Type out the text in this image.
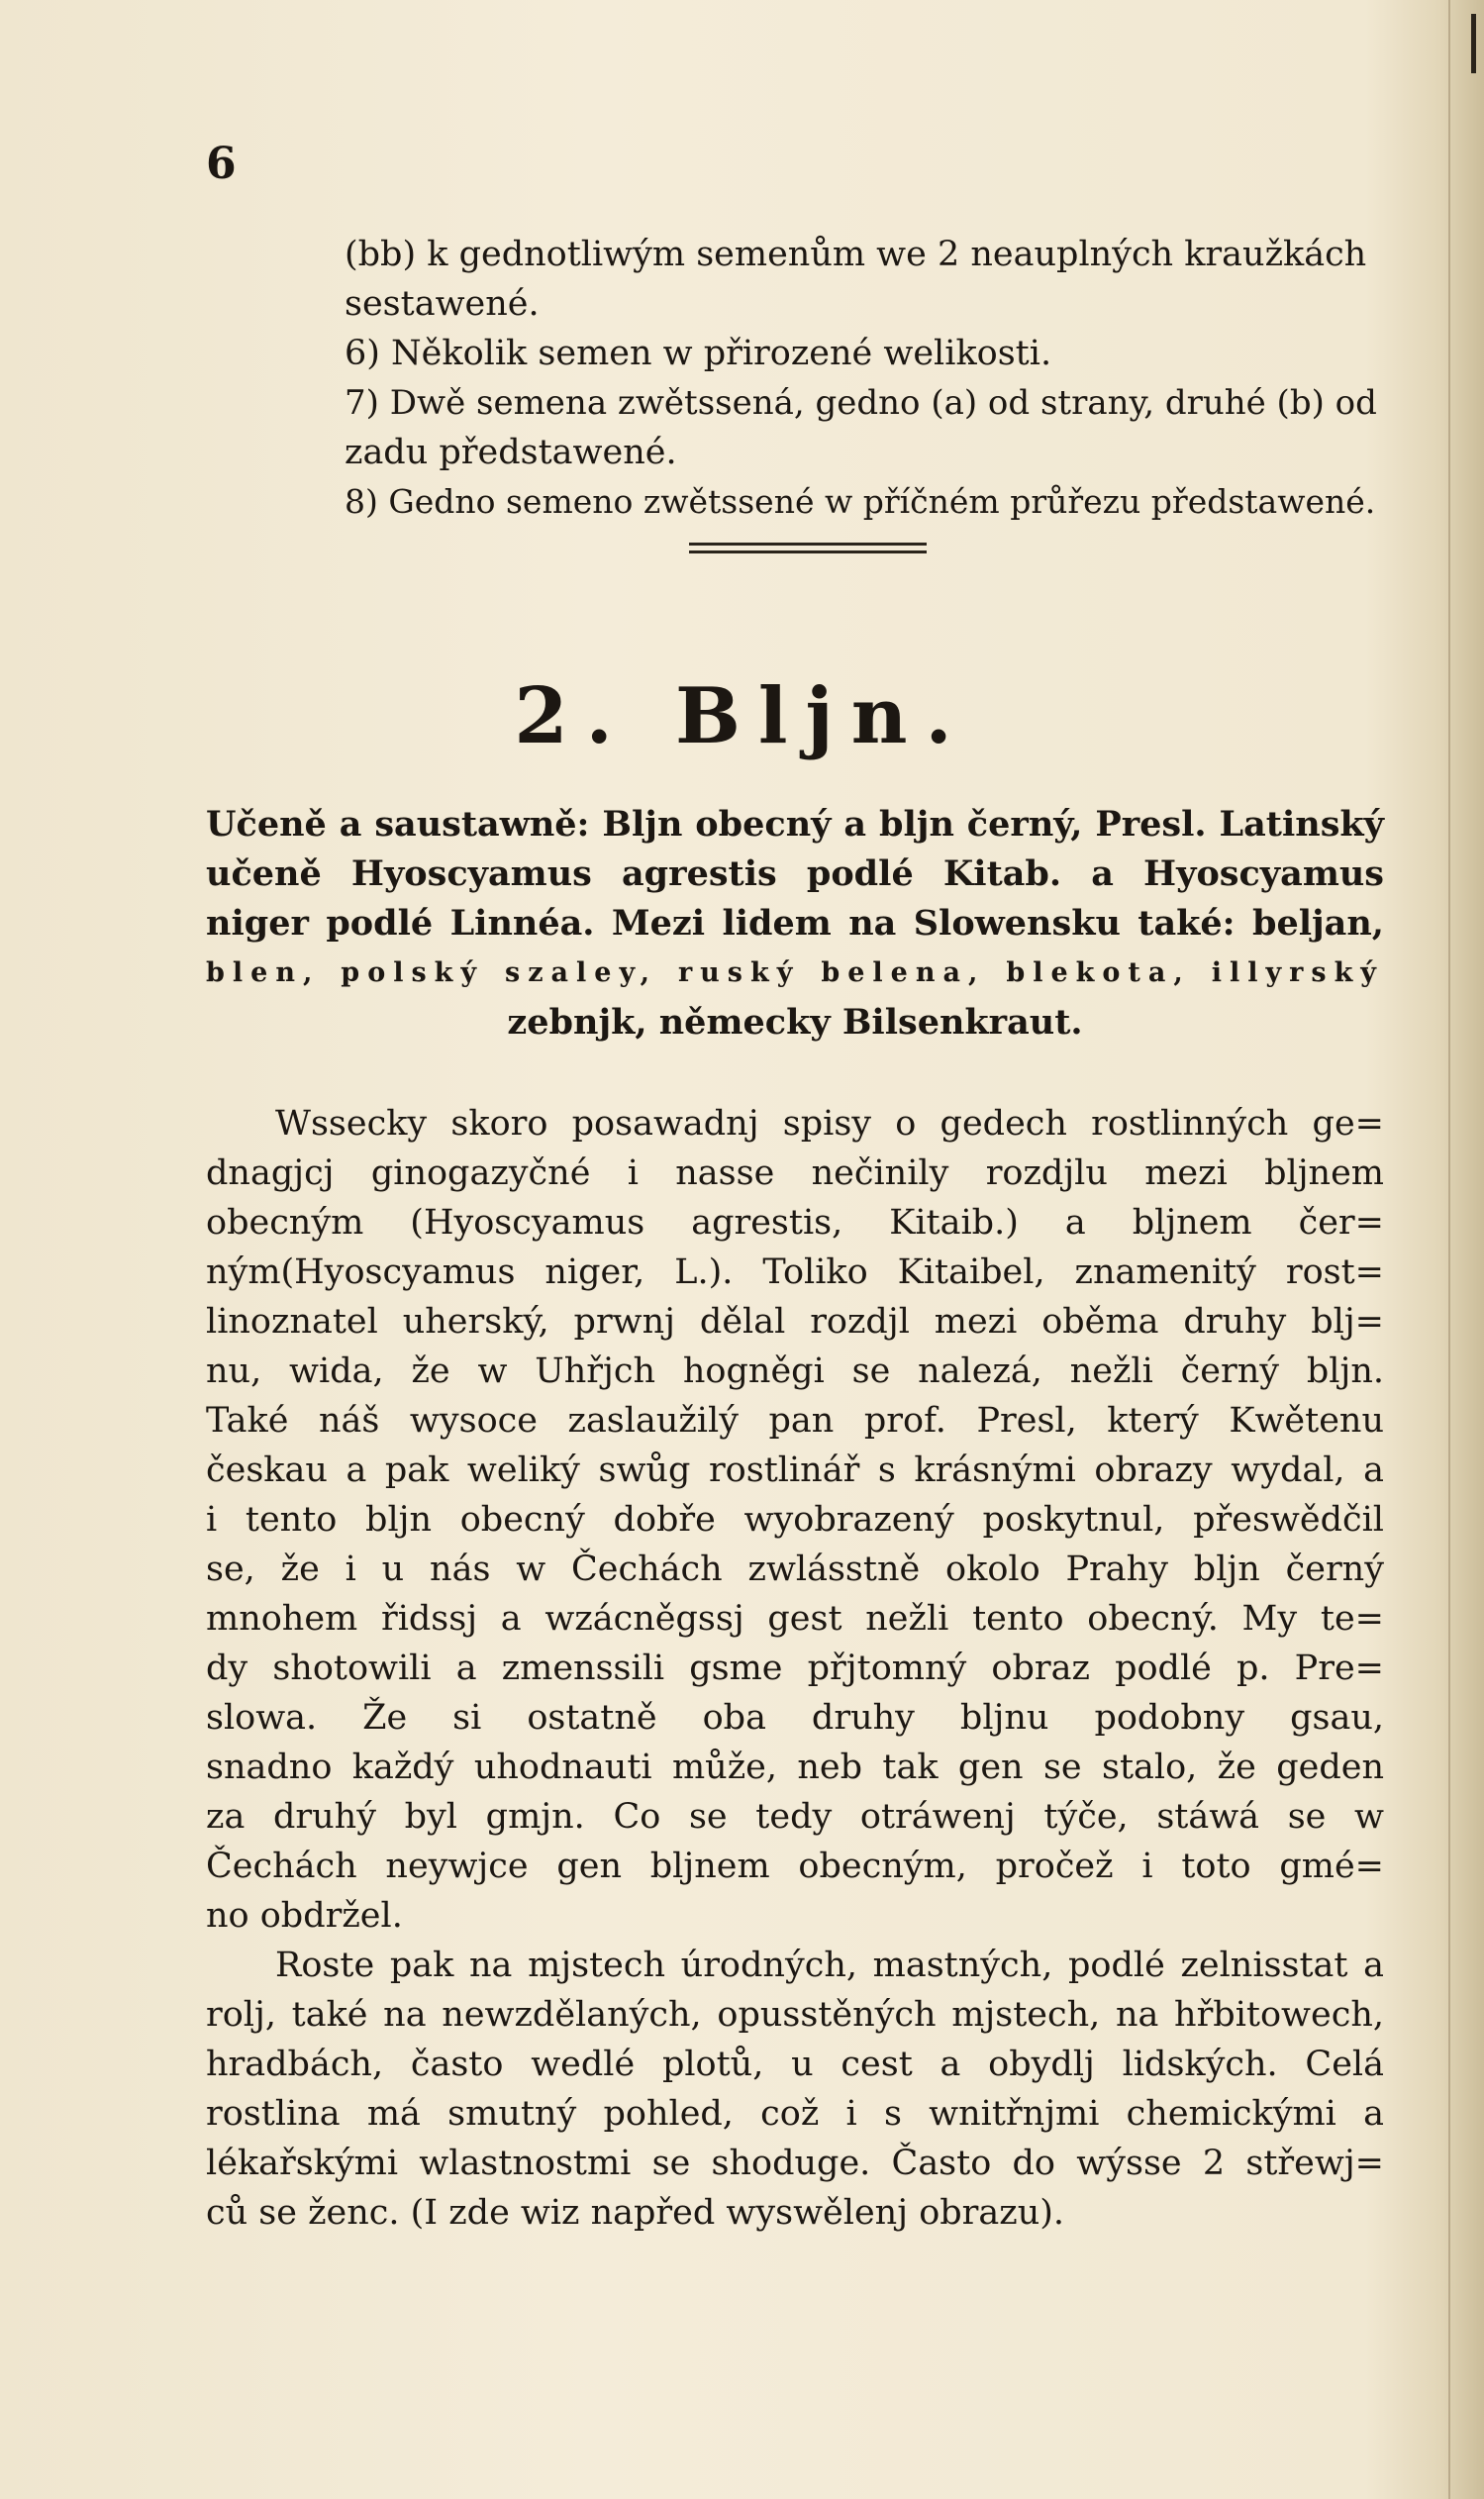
6
(bb) k gednotliwým semenům we 2 neauplných kraužkách
sestawené.
6) Několik semen w přirozené welikosti.
7) Dwě semena zwětssená, gedno (a) od strany, druhé (b) od
zadu předstawené.
8) Gedno semeno zwětssené w příčném průřezu předstawené.
2. Blјn.
Učeně a saustawně: Blјn obecný a blјn černý, Presl. Latinský
učeně Hyoscyamus agrestis podlé Kitab. a Hyoscyamus
niger podlé Linnéa. Mezi lidem na Slowensku také: beljan,
blen, polský szaley, ruský belena, blekota, illyrský
zebnjk, německy Bilsenkraut.
Wssecky skoro posawadnj spisy o gedech rostlinných ge=
dnagjcj ginogazyčné i nasse nečinily rozdjlu mezi blјnem
obecným (Hyoscyamus agrestis, Kitaib.) a blјnem čer=
ným(Hyoscyamus niger, L.). Toliko Kitaibel, znamenitý rost=
linoznatel uherský, prwnj dělal rozdjl mezi oběma druhy blј=
nu, wida, že w Uhřjch hogněgi se nalezá, nežli černý blјn.
Také náš wysoce zaslaužilý pan prof. Presl, který Kwětenu
českau a pak weliký swůg rostlinář s krásnými obrazy wydal, a
i tento blјn obecný dobře wyobrazený poskytnul, přeswědčil
se, že i u nás w Čechách zwlásstně okolo Prahy blјn černý
mnohem řidssj a wzácněgssj gest nežli tento obecný. My te=
dy shotowili a zmenssili gsme přjtomný obraz podlé p. Pre=
slowa. Že si ostatně oba druhy blјnu podobny gsau,
snadno každý uhodnauti může, neb tak gen se stalo, že geden
za druhý byl gmjn. Co se tedy otráwenj týče, stáwá se w
Čechách neywjce gen blјnem obecným, pročež i toto gmé=
no obdržel.
Roste pak na mjstech úrodných, mastných, podlé zelnisstat a
rolj, také na newzdělaných, opusstěných mjstech, na hřbitowech,
hradbách, často wedlé plotů, u cest a obydlj lidských. Celá
rostlina má smutný pohled, což i s wnitřnjmi chemickými a
lékařskými wlastnostmi se shoduge. Často do wýsse 2 střewj=
ců se ženc. (I zde wiz napřed wyswělenj obrazu).
